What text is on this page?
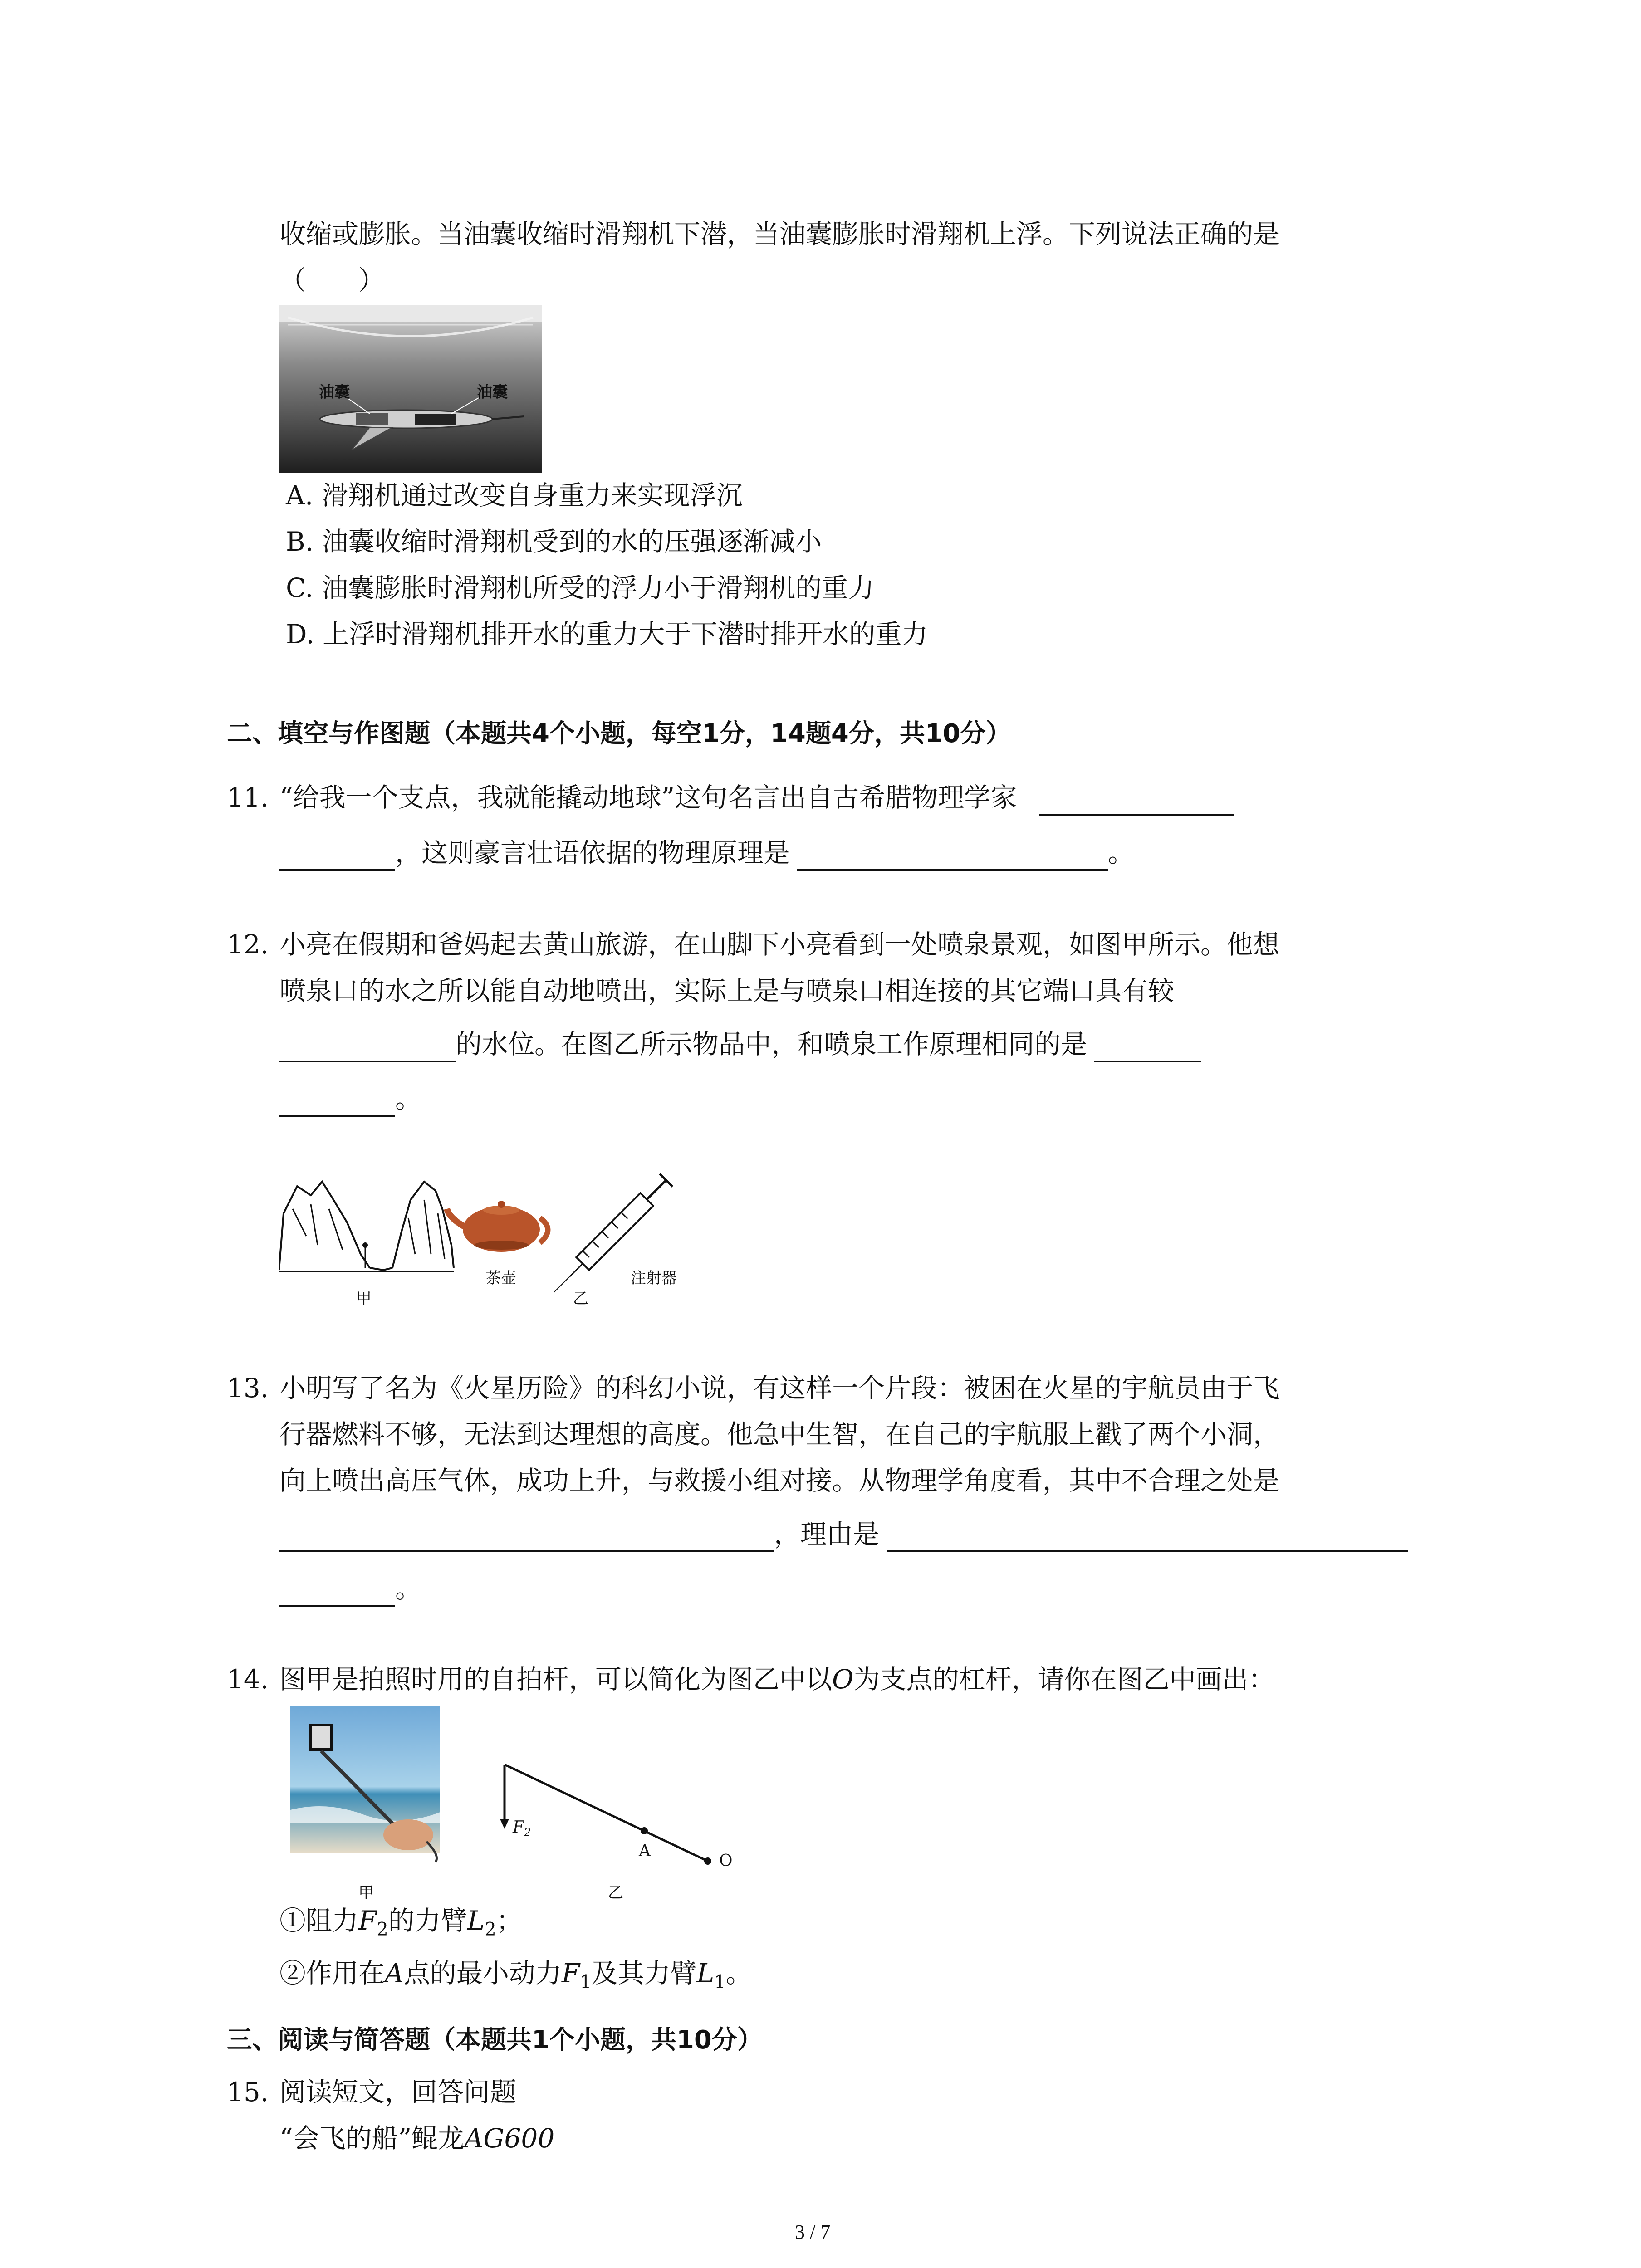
收缩或膨胀。当油囊收缩时滑翔机下潜，当油囊膨胀时滑翔机上浮。下列说法正确的是
（　　）
油囊	油囊
A. 滑翔机通过改变自身重力来实现浮沉
B. 油囊收缩时滑翔机受到的水的压强逐渐减小
C. 油囊膨胀时滑翔机所受的浮力小于滑翔机的重力
D. 上浮时滑翔机排开水的重力大于下潜时排开水的重力
二、填空与作图题（本题共4个小题，每空1分，14题4分，共10分）
11. “给我一个支点，我就能撬动地球”这句名言出自古希腊物理学家
，这则豪言壮语依据的物理原理是	。
12. 小亮在假期和爸妈起去黄山旅游，在山脚下小亮看到一处喷泉景观，如图甲所示。他想
喷泉口的水之所以能自动地喷出，实际上是与喷泉口相连接的其它端口具有较
的水位。在图乙所示物品中，和喷泉工作原理相同的是
。
甲
茶壶
乙
注射器
13. 小明写了名为《火星历险》的科幻小说，有这样一个片段：被困在火星的宇航员由于飞
行器燃料不够，无法到达理想的高度。他急中生智，在自己的宇航服上戳了两个小洞，
向上喷出高压气体，成功上升，与救援小组对接。从物理学角度看，其中不合理之处是
，理由是
。
14. 图甲是拍照时用的自拍杆，可以简化为图乙中以O为支点的杠杆，请你在图乙中画出：
$F_2$
A
O
甲	乙
①阻力$F_2$的力臂$L_2$；
②作用在A点的最小动力$F_1$及其力臂$L_1$。
三、阅读与简答题（本题共1个小题，共10分）
15. 阅读短文，回答问题
“会飞的船”鲲龙AG600
3 / 7
